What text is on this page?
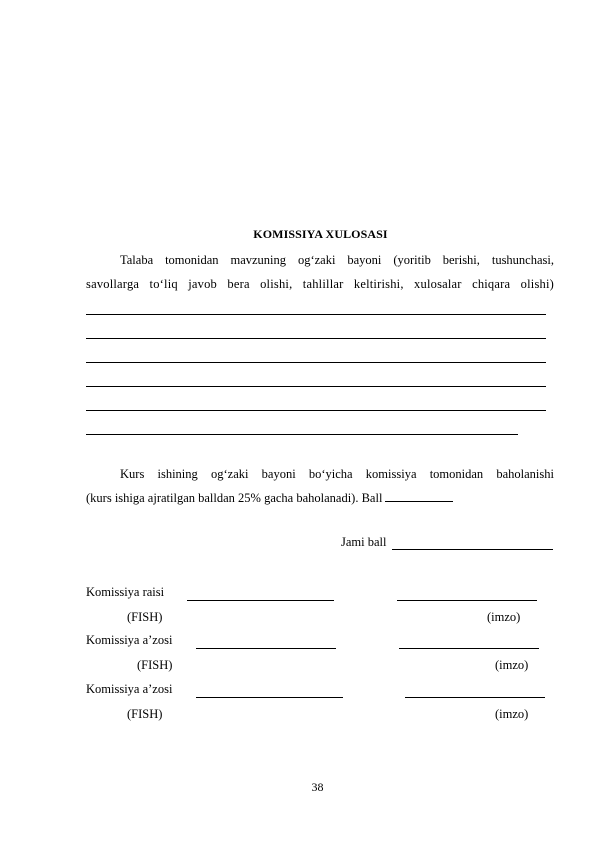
KOMISSIYA XULOSASI
Talaba tomonidan mavzuning og‘zaki bayoni (yoritib berishi, tushunchasi,
savollarga to‘liq javob bera olishi, tahlillar keltirishi, xulosalar chiqara olishi)
Kurs ishining og‘zaki bayoni bo‘yicha komissiya tomonidan baholanishi
(kurs ishiga ajratilgan balldan 25% gacha baholanadi). Ball
Jami ball
Komissiya raisi
(FISH)	(imzo)
Komissiya a’zosi
(FISH)	(imzo)
Komissiya a’zosi
(FISH)	(imzo)
38
